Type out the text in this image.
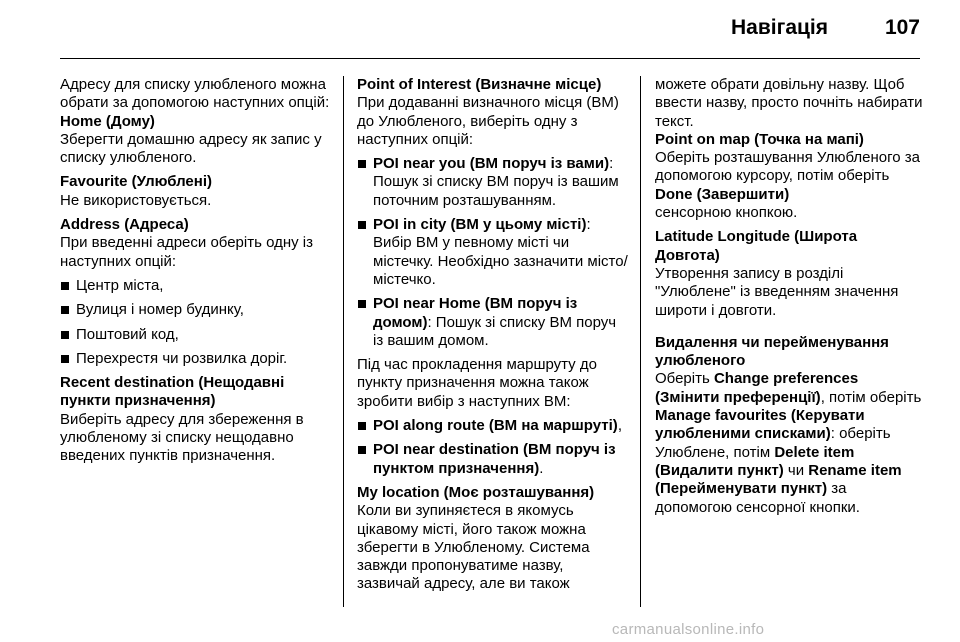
Навігація	107

Адресу для списку улюбленого можна обрати за допомогою наступних опцій:

Home (Дому)

Зберегти домашню адресу як запис у списку улюбленого.

Favourite (Улюблені)

Не використовується.

Address (Адреса)

При введенні адреси оберіть одну із наступних опцій:

Центр міста,
Вулиця і номер будинку,
Поштовий код,
Перехрестя чи розвилка доріг.

Recent destination (Нещодавні пункти призначення)

Виберіть адресу для збереження в улюбленому зі списку нещодавно введених пунктів призначення.

Point of Interest (Визначне місце)

При додаванні визначного місця (ВМ) до Улюбленого, виберіть одну з наступних опцій:

POI near you (ВМ поруч із вами): Пошук зі списку ВМ поруч із вашим поточним розташуванням.
POI in city (ВМ у цьому місті): Вибір ВМ у певному місті чи містечку. Необхідно зазначити місто/містечко.
POI near Home (ВМ поруч із домом): Пошук зі списку ВМ поруч із вашим домом.

Під час прокладення маршруту до пункту призначення можна також зробити вибір з наступних ВМ:

POI along route (ВМ на маршруті),
POI near destination (ВМ поруч із пунктом призначення).

My location (Моє розташування)

Коли ви зупиняєтеся в якомусь цікавому місті, його також можна зберегти в Улюбленому. Система завжди пропонуватиме назву, зазвичай адресу, але ви також

можете обрати довільну назву. Щоб ввести назву, просто почніть набирати текст.

Point on map (Точка на мапі)

Оберіть розташування Улюбленого за допомогою курсору, потім оберіть Done (Завершити)
сенсорною кнопкою.

Latitude Longitude (Широта Довгота)

Утворення запису в розділі "Улюблене" із введенням значення широти і довготи.

Видалення чи перейменування улюбленого

Оберіть Change preferences (Змінити преференції), потім оберіть Manage favourites (Керувати улюбленими списками): оберіть Улюблене, потім Delete item (Видалити пункт) чи Rename item (Перейменувати пункт) за допомогою сенсорної кнопки.

carmanualsonline.info
